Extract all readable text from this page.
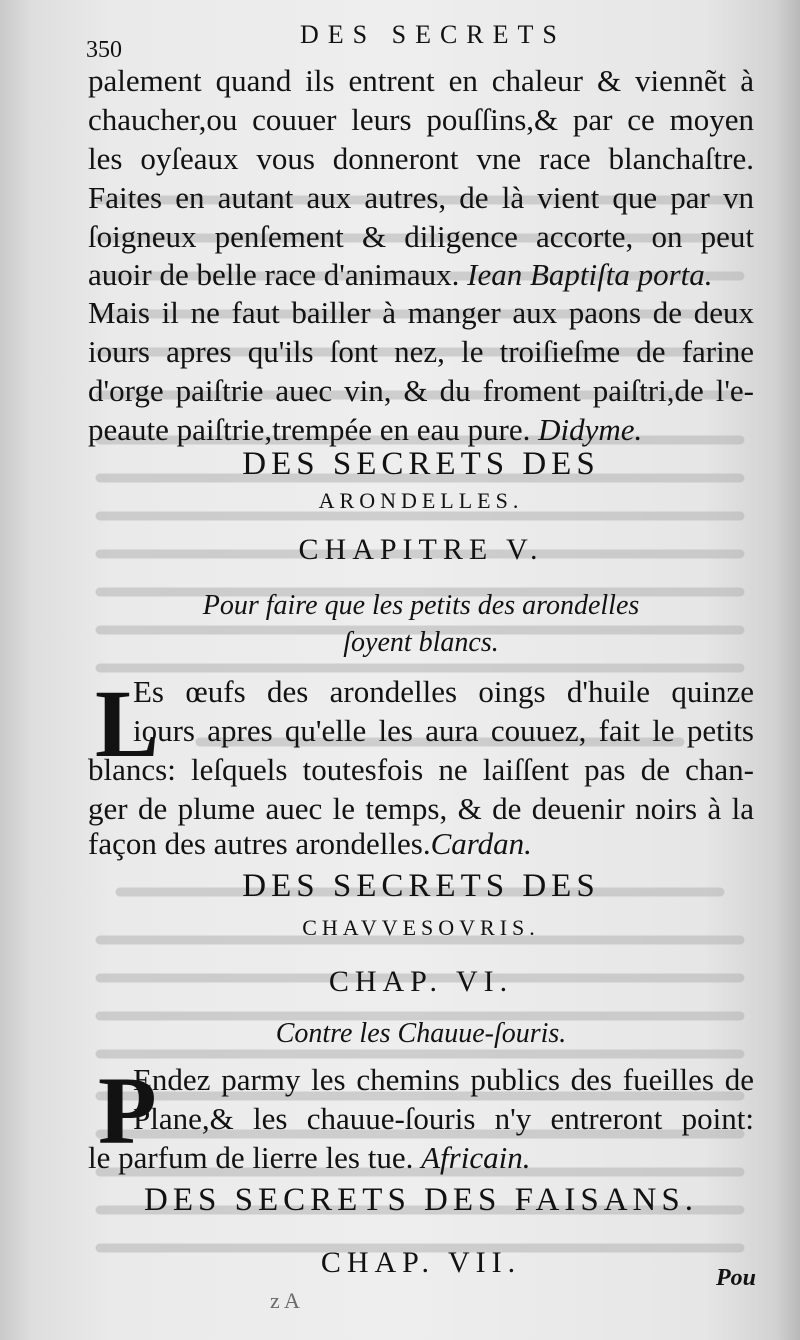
350
DES SECRETS
palement quand ils entrent en chaleur & viennẽt à
chaucher,ou couuer leurs pouſſins,& par ce moyen
les oyſeaux vous donneront vne race blanchaſtre.
Faites en autant aux autres, de là vient que par vn
ſoigneux penſement & diligence accorte, on peut
auoir de belle race d'animaux. Iean Baptiſta porta.
Mais il ne faut bailler à manger aux paons de deux
iours apres qu'ils ſont nez, le troiſieſme de farine
d'orge paiſtrie auec vin, & du froment paiſtri,de l'e-
peaute paiſtrie,trempée en eau pure. Didyme.
DES SECRETS DES
ARONDELLES.
CHAPITRE V.
Pour faire que les petits des arondelles
ſoyent blancs.
L
Es œufs des arondelles oings d'huile quinze
iours apres qu'elle les aura couuez, fait le petits
blancs: leſquels toutesfois ne laiſſent pas de chan-
ger de plume auec le temps, & de deuenir noirs à la
façon des autres arondelles.Cardan.
DES SECRETS DES
CHAVVESOVRIS.
CHAP. VI.
Contre les Chauue-ſouris.
P
Endez parmy les chemins publics des fueilles de
Plane,& les chauue-ſouris n'y entreront point:
le parfum de lierre les tue. Africain.
DES SECRETS DES FAISANS.
CHAP. VII.	Pou
z A
